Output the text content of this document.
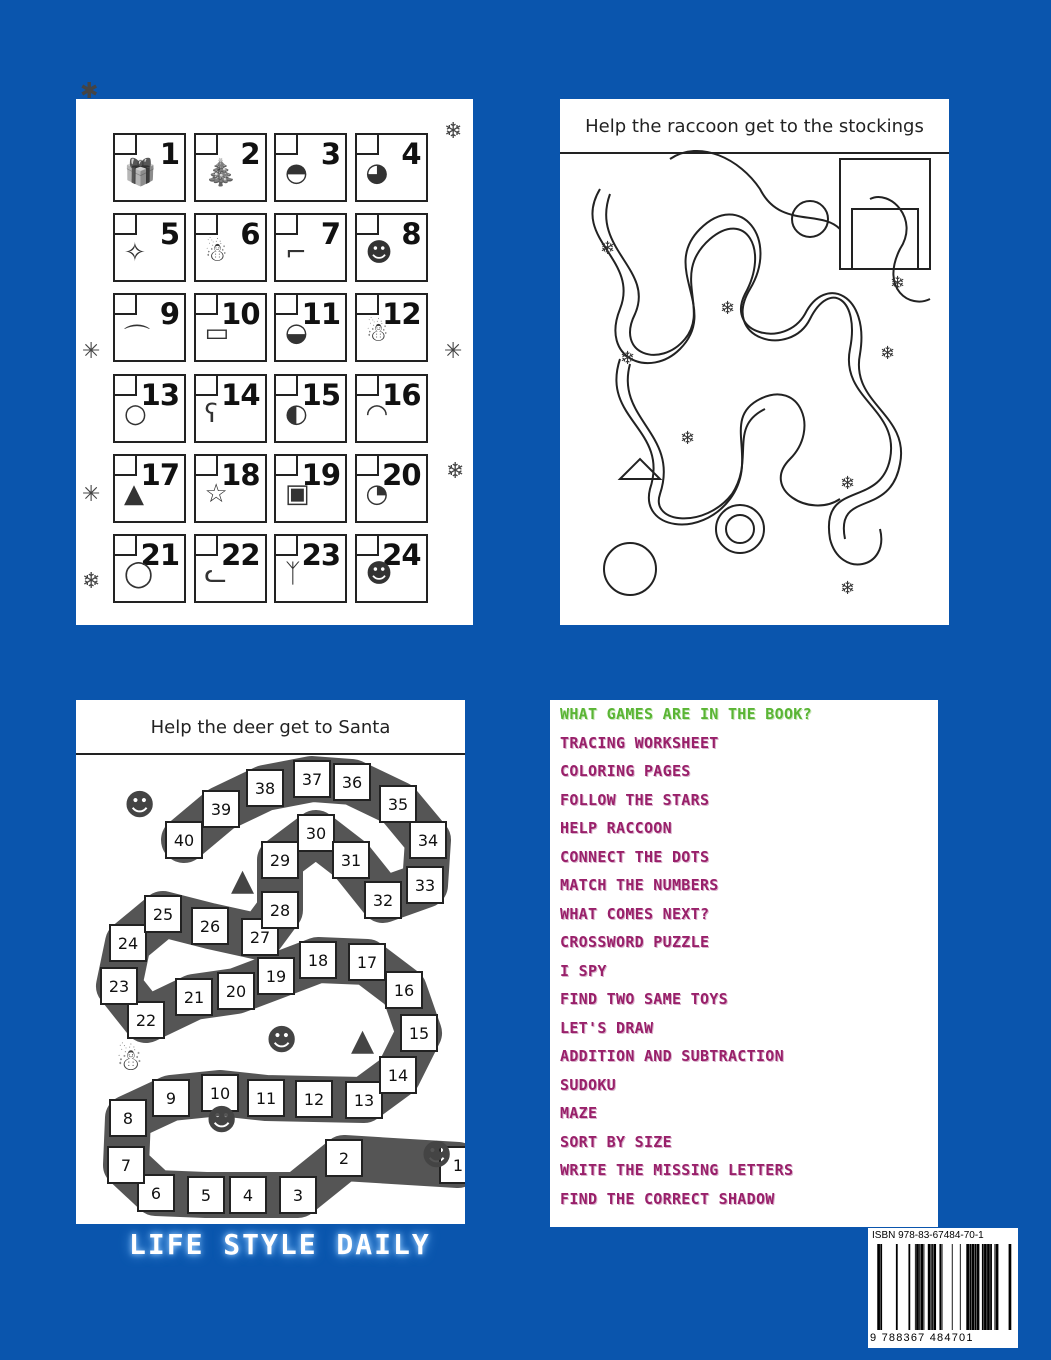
✱
❄
✳	✳
❄
✳
❄
1
🎁
2
🎄
3
◓
4
◕
5
✧
6
☃
7
⌐
8
☻
9
⌒
10
▭
11
◒
12
☃
13
○
14
ʕ
15
◐
16
◠
17
▲
18
☆
19
▣
20
◔
21
◯
22
ᓚ
23
ᛉ
24
☻
Help the raccoon get to the stockings
❄
❄
❄
❄
❄
❄
❄
❄
Help the deer get to Santa
1
2
3
4
5
6
7
8
9 10 11 12 13
14
15
16
17
18
19
20
21
22
23
24
25
26
27
28
29
30
31
32
33
34
35
36
37
38
39
40
☻
▲
☻
☃
☻ ▲
☻
WHAT GAMES ARE IN THE BOOK?
TRACING WORKSHEET
COLORING PAGES
FOLLOW THE STARS
HELP RACCOON
CONNECT THE DOTS
MATCH THE NUMBERS
WHAT COMES NEXT?
CROSSWORD PUZZLE
I SPY
FIND TWO SAME TOYS
LET'S DRAW
ADDITION AND SUBTRACTION
SUDOKU
MAZE
SORT BY SIZE
WRITE THE MISSING LETTERS
FIND THE CORRECT SHADOW
LIFE STYLE DAILY	ISBN 978-83-67484-70-1
9 788367 484701
